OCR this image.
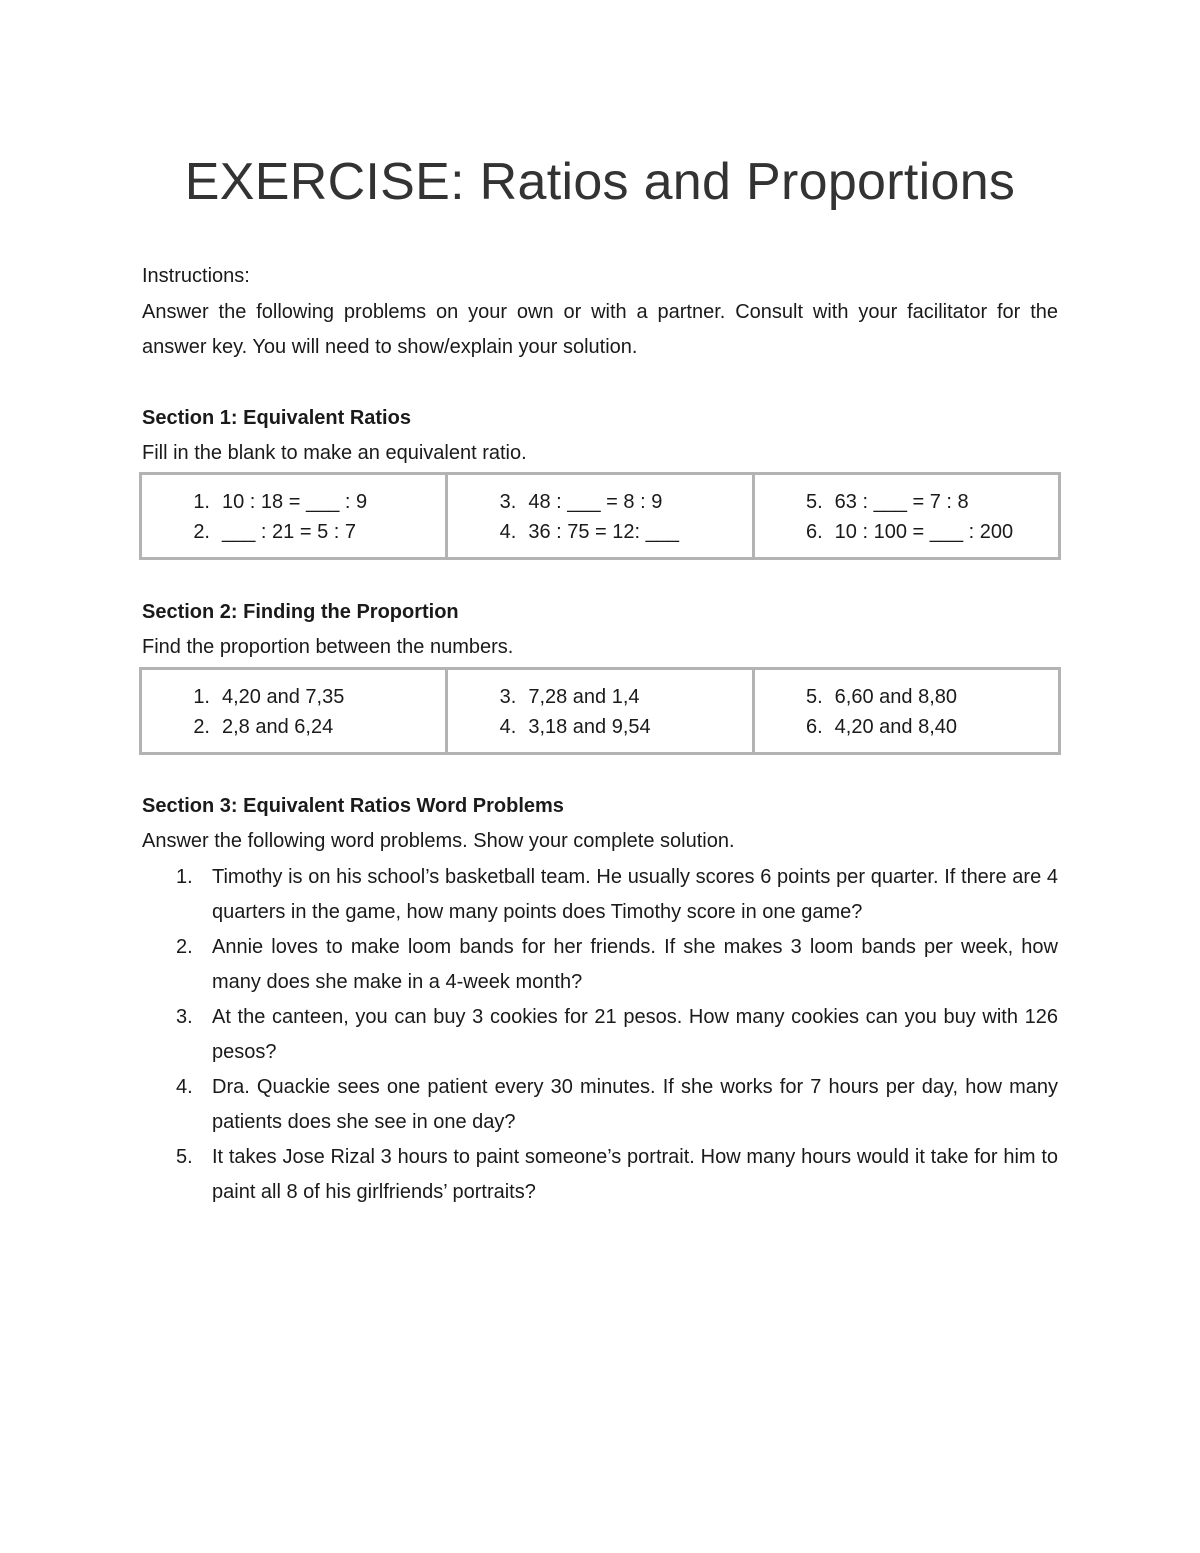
EXERCISE: Ratios and Proportions
Instructions:
Answer the following problems on your own or with a partner. Consult with your facilitator for the answer key. You will need to show/explain your solution.
Section 1: Equivalent Ratios
Fill in the blank to make an equivalent ratio.
1. 10 : 18 = ___ : 9
2. ___ : 21 = 5 : 7
3. 48 : ___ = 8 : 9
4. 36 : 75 = 12: ___
5. 63 : ___ = 7 : 8
6. 10 : 100 = ___ : 200
Section 2: Finding the Proportion
Find the proportion between the numbers.
1. 4,20 and 7,35
2. 2,8 and 6,24
3. 7,28 and 1,4
4. 3,18 and 9,54
5. 6,60 and 8,80
6. 4,20 and 8,40
Section 3: Equivalent Ratios Word Problems
Answer the following word problems. Show your complete solution.
1. Timothy is on his school’s basketball team. He usually scores 6 points per quarter. If there are 4 quarters in the game, how many points does Timothy score in one game?
2. Annie loves to make loom bands for her friends. If she makes 3 loom bands per week, how many does she make in a 4-week month?
3. At the canteen, you can buy 3 cookies for 21 pesos. How many cookies can you buy with 126 pesos?
4. Dra. Quackie sees one patient every 30 minutes. If she works for 7 hours per day, how many patients does she see in one day?
5. It takes Jose Rizal 3 hours to paint someone’s portrait. How many hours would it take for him to paint all 8 of his girlfriends’ portraits?
